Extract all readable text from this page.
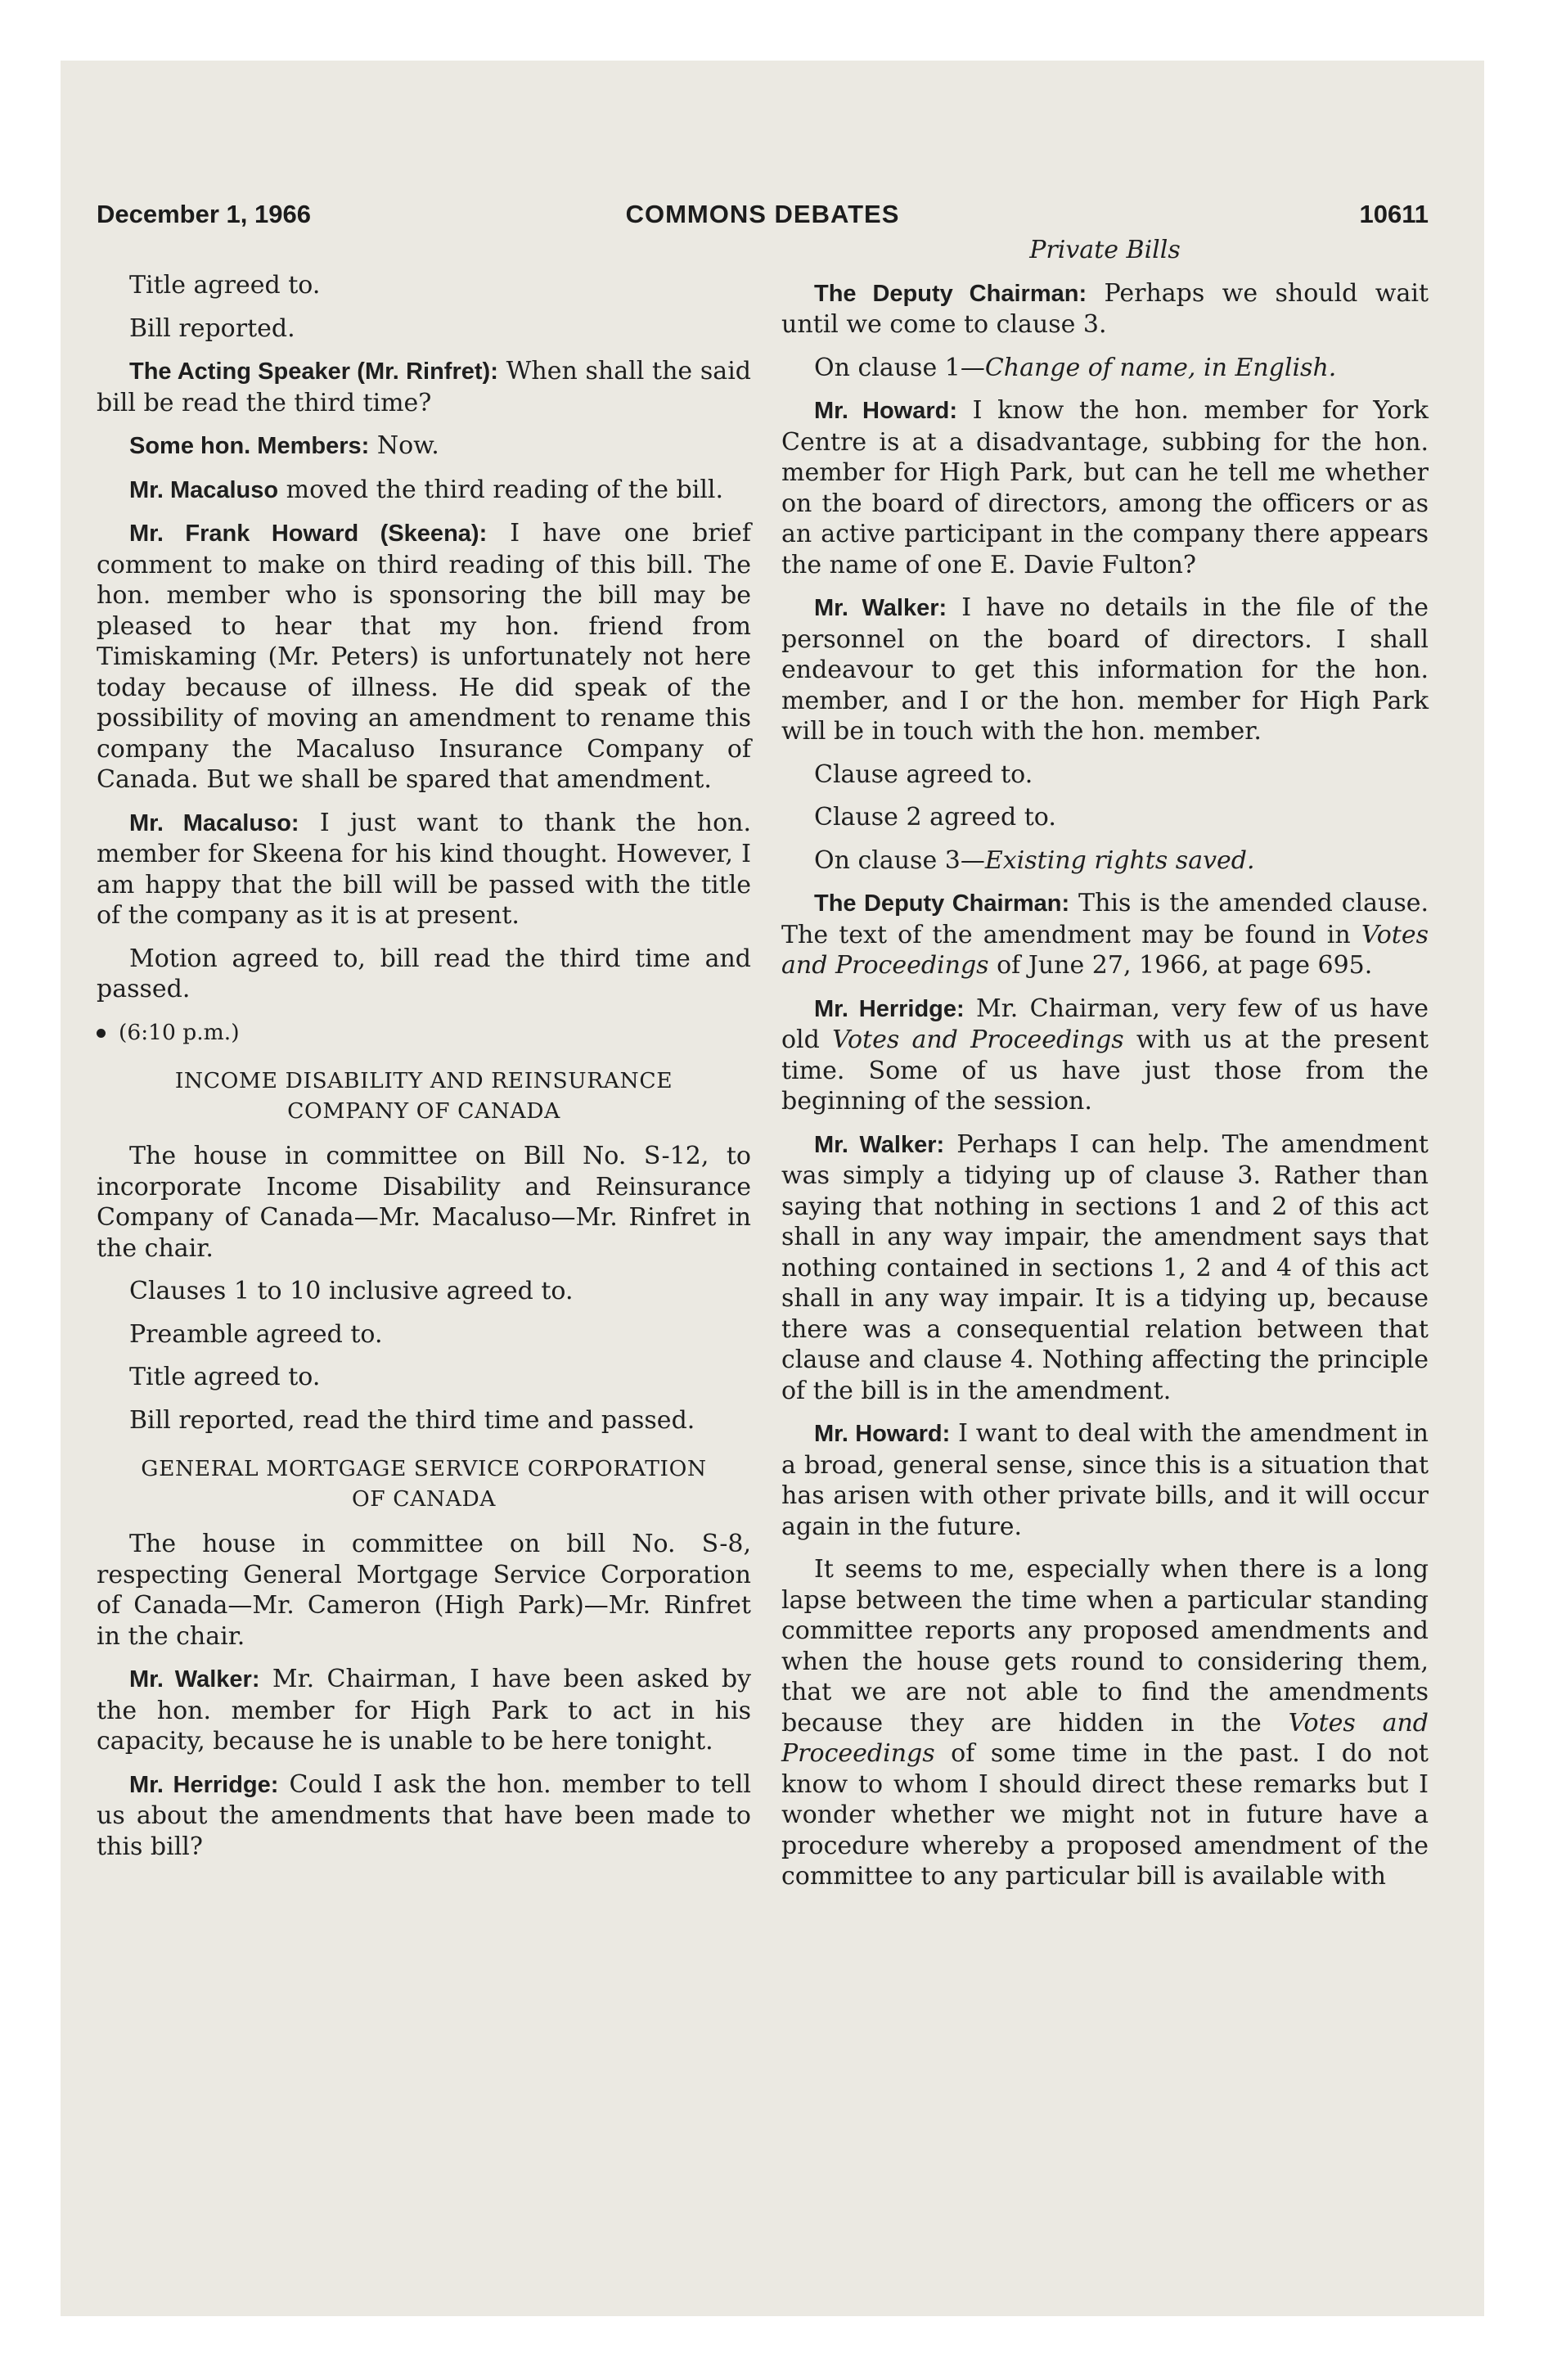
December 1, 1966	COMMONS DEBATES	10611

Title agreed to.

Bill reported.

The Acting Speaker (Mr. Rinfret): When shall the said bill be read the third time?

Some hon. Members: Now.

Mr. Macaluso moved the third reading of the bill.

Mr. Frank Howard (Skeena): I have one brief comment to make on third reading of this bill. The hon. member who is sponsoring the bill may be pleased to hear that my hon. friend from Timiskaming (Mr. Peters) is unfortunately not here today because of illness. He did speak of the possibility of moving an amendment to rename this company the Macaluso Insurance Company of Canada. But we shall be spared that amendment.

Mr. Macaluso: I just want to thank the hon. member for Skeena for his kind thought. However, I am happy that the bill will be passed with the title of the company as it is at present.

Motion agreed to, bill read the third time and passed.

(6:10 p.m.)

INCOME DISABILITY AND REINSURANCE
COMPANY OF CANADA

The house in committee on Bill No. S-12, to incorporate Income Disability and Reinsurance Company of Canada—Mr. Macaluso—Mr. Rinfret in the chair.

Clauses 1 to 10 inclusive agreed to.

Preamble agreed to.

Title agreed to.

Bill reported, read the third time and passed.

GENERAL MORTGAGE SERVICE CORPORATION
OF CANADA

The house in committee on bill No. S-8, respecting General Mortgage Service Corporation of Canada—Mr. Cameron (High Park)—Mr. Rinfret in the chair.

Mr. Walker: Mr. Chairman, I have been asked by the hon. member for High Park to act in his capacity, because he is unable to be here tonight.

Mr. Herridge: Could I ask the hon. member to tell us about the amendments that have been made to this bill?

Private Bills

The Deputy Chairman: Perhaps we should wait until we come to clause 3.

On clause 1—Change of name, in English.

Mr. Howard: I know the hon. member for York Centre is at a disadvantage, subbing for the hon. member for High Park, but can he tell me whether on the board of directors, among the officers or as an active participant in the company there appears the name of one E. Davie Fulton?

Mr. Walker: I have no details in the file of the personnel on the board of directors. I shall endeavour to get this information for the hon. member, and I or the hon. member for High Park will be in touch with the hon. member.

Clause agreed to.

Clause 2 agreed to.

On clause 3—Existing rights saved.

The Deputy Chairman: This is the amended clause. The text of the amendment may be found in Votes and Proceedings of June 27, 1966, at page 695.

Mr. Herridge: Mr. Chairman, very few of us have old Votes and Proceedings with us at the present time. Some of us have just those from the beginning of the session.

Mr. Walker: Perhaps I can help. The amendment was simply a tidying up of clause 3. Rather than saying that nothing in sections 1 and 2 of this act shall in any way impair, the amendment says that nothing contained in sections 1, 2 and 4 of this act shall in any way impair. It is a tidying up, because there was a consequential relation between that clause and clause 4. Nothing affecting the principle of the bill is in the amendment.

Mr. Howard: I want to deal with the amendment in a broad, general sense, since this is a situation that has arisen with other private bills, and it will occur again in the future.

It seems to me, especially when there is a long lapse between the time when a particular standing committee reports any proposed amendments and when the house gets round to considering them, that we are not able to find the amendments because they are hidden in the Votes and Proceedings of some time in the past. I do not know to whom I should direct these remarks but I wonder whether we might not in future have a procedure whereby a proposed amendment of the committee to any particular bill is available with
